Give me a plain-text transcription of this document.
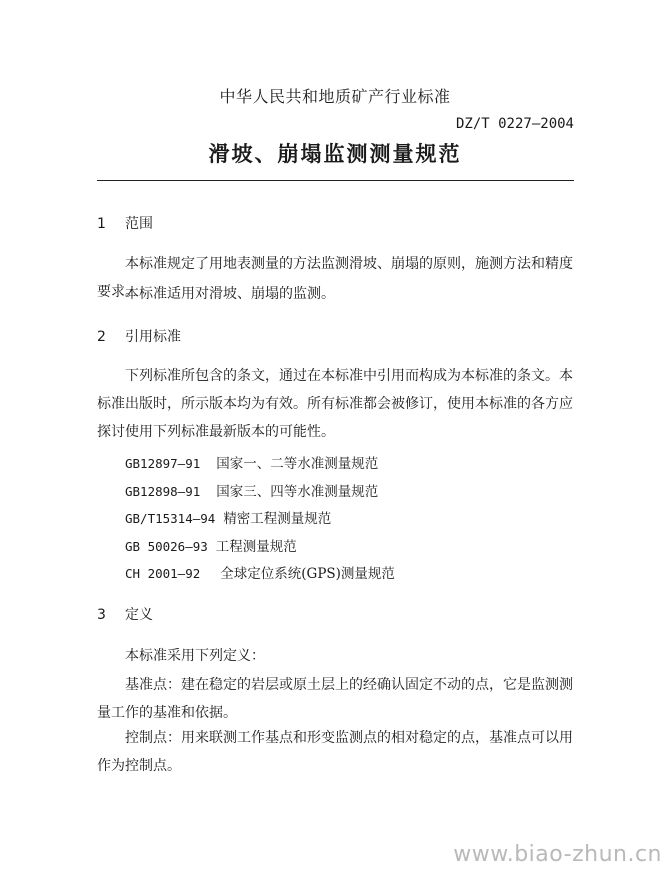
中华人民共和地质矿产行业标准
DZ/T 0227—2004
滑坡、崩塌监测测量规范
1 范围
本标准规定了用地表测量的方法监测滑坡、崩塌的原则，施测方法和精度要求。
本标准适用对滑坡、崩塌的监测。
2 引用标准
下列标准所包含的条文，通过在本标准中引用而构成为本标准的条文。本标准出版时，所示版本均为有效。所有标准都会被修订，使用本标准的各方应探讨使用下列标准最新版本的可能性。
GB12897—91 国家一、二等水准测量规范
GB12898—91 国家三、四等水准测量规范
GB/T15314—94 精密工程测量规范
GB 50026—93 工程测量规范
CH 2001—92 全球定位系统(GPS)测量规范
3 定义
本标准采用下列定义：
基准点：建在稳定的岩层或原土层上的经确认固定不动的点，它是监测测量工作的基准和依据。
控制点：用来联测工作基点和形变监测点的相对稳定的点，基准点可以用作为控制点。
www.biao-zhun.cn
